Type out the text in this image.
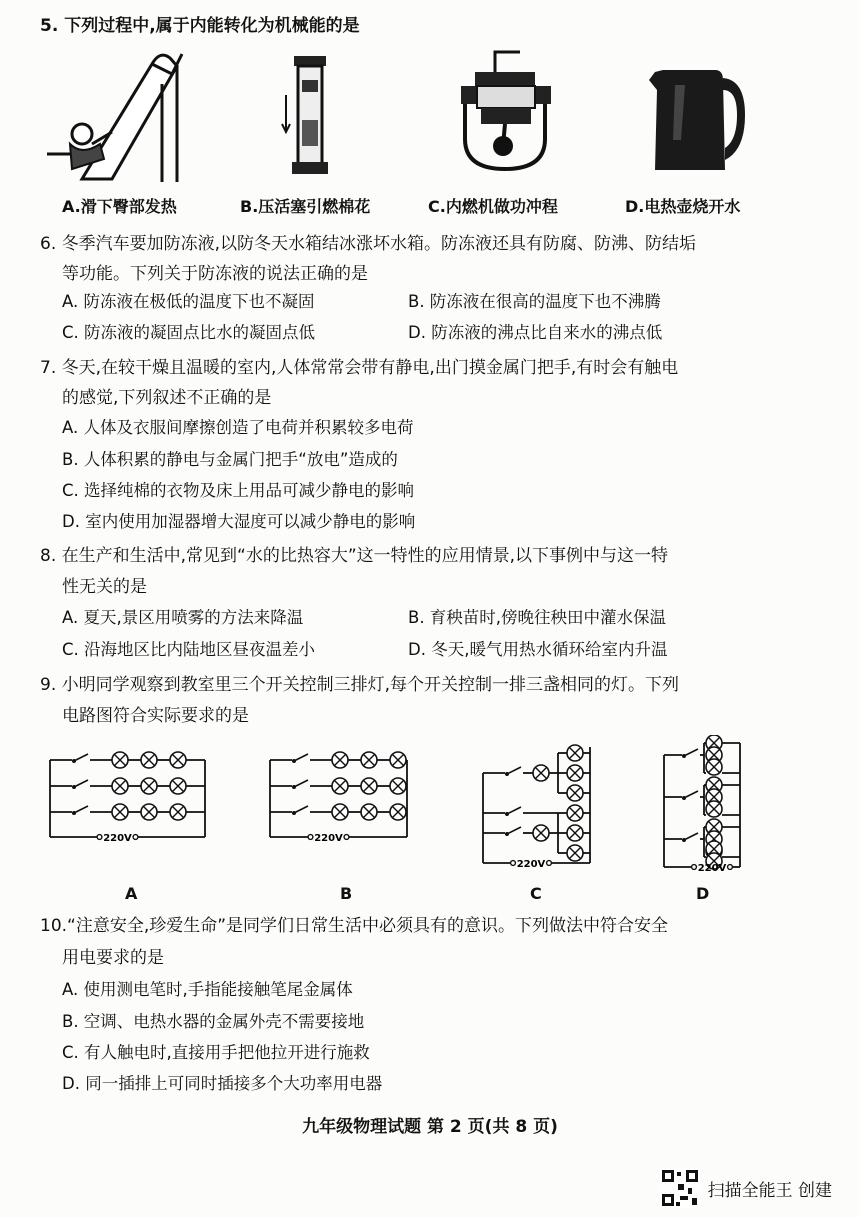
5. 下列过程中,属于内能转化为机械能的是
A.滑下臀部发热	B.压活塞引燃棉花	C.内燃机做功冲程	D.电热壶烧开水
6. 冬季汽车要加防冻液,以防冬天水箱结冰涨坏水箱。防冻液还具有防腐、防沸、防结垢
等功能。下列关于防冻液的说法正确的是
A. 防冻液在极低的温度下也不凝固	B. 防冻液在很高的温度下也不沸腾
C. 防冻液的凝固点比水的凝固点低	D. 防冻液的沸点比自来水的沸点低
7. 冬天,在较干燥且温暖的室内,人体常常会带有静电,出门摸金属门把手,有时会有触电
的感觉,下列叙述不正确的是
A. 人体及衣服间摩擦创造了电荷并积累较多电荷
B. 人体积累的静电与金属门把手“放电”造成的
C. 选择纯棉的衣物及床上用品可减少静电的影响
D. 室内使用加湿器增大湿度可以减少静电的影响
8. 在生产和生活中,常见到“水的比热容大”这一特性的应用情景,以下事例中与这一特
性无关的是
A. 夏天,景区用喷雾的方法来降温	B. 育秧苗时,傍晚往秧田中灌水保温
C. 沿海地区比内陆地区昼夜温差小	D. 冬天,暖气用热水循环给室内升温
9. 小明同学观察到教室里三个开关控制三排灯,每个开关控制一排三盏相同的灯。下列
电路图符合实际要求的是
220V	220V
220V	220V
A	B	C	D
10.“注意安全,珍爱生命”是同学们日常生活中必须具有的意识。下列做法中符合安全
用电要求的是
A. 使用测电笔时,手指能接触笔尾金属体
B. 空调、电热水器的金属外壳不需要接地
C. 有人触电时,直接用手把他拉开进行施救
D. 同一插排上可同时插接多个大功率用电器
九年级物理试题 第 2 页(共 8 页)
扫描全能王 创建
